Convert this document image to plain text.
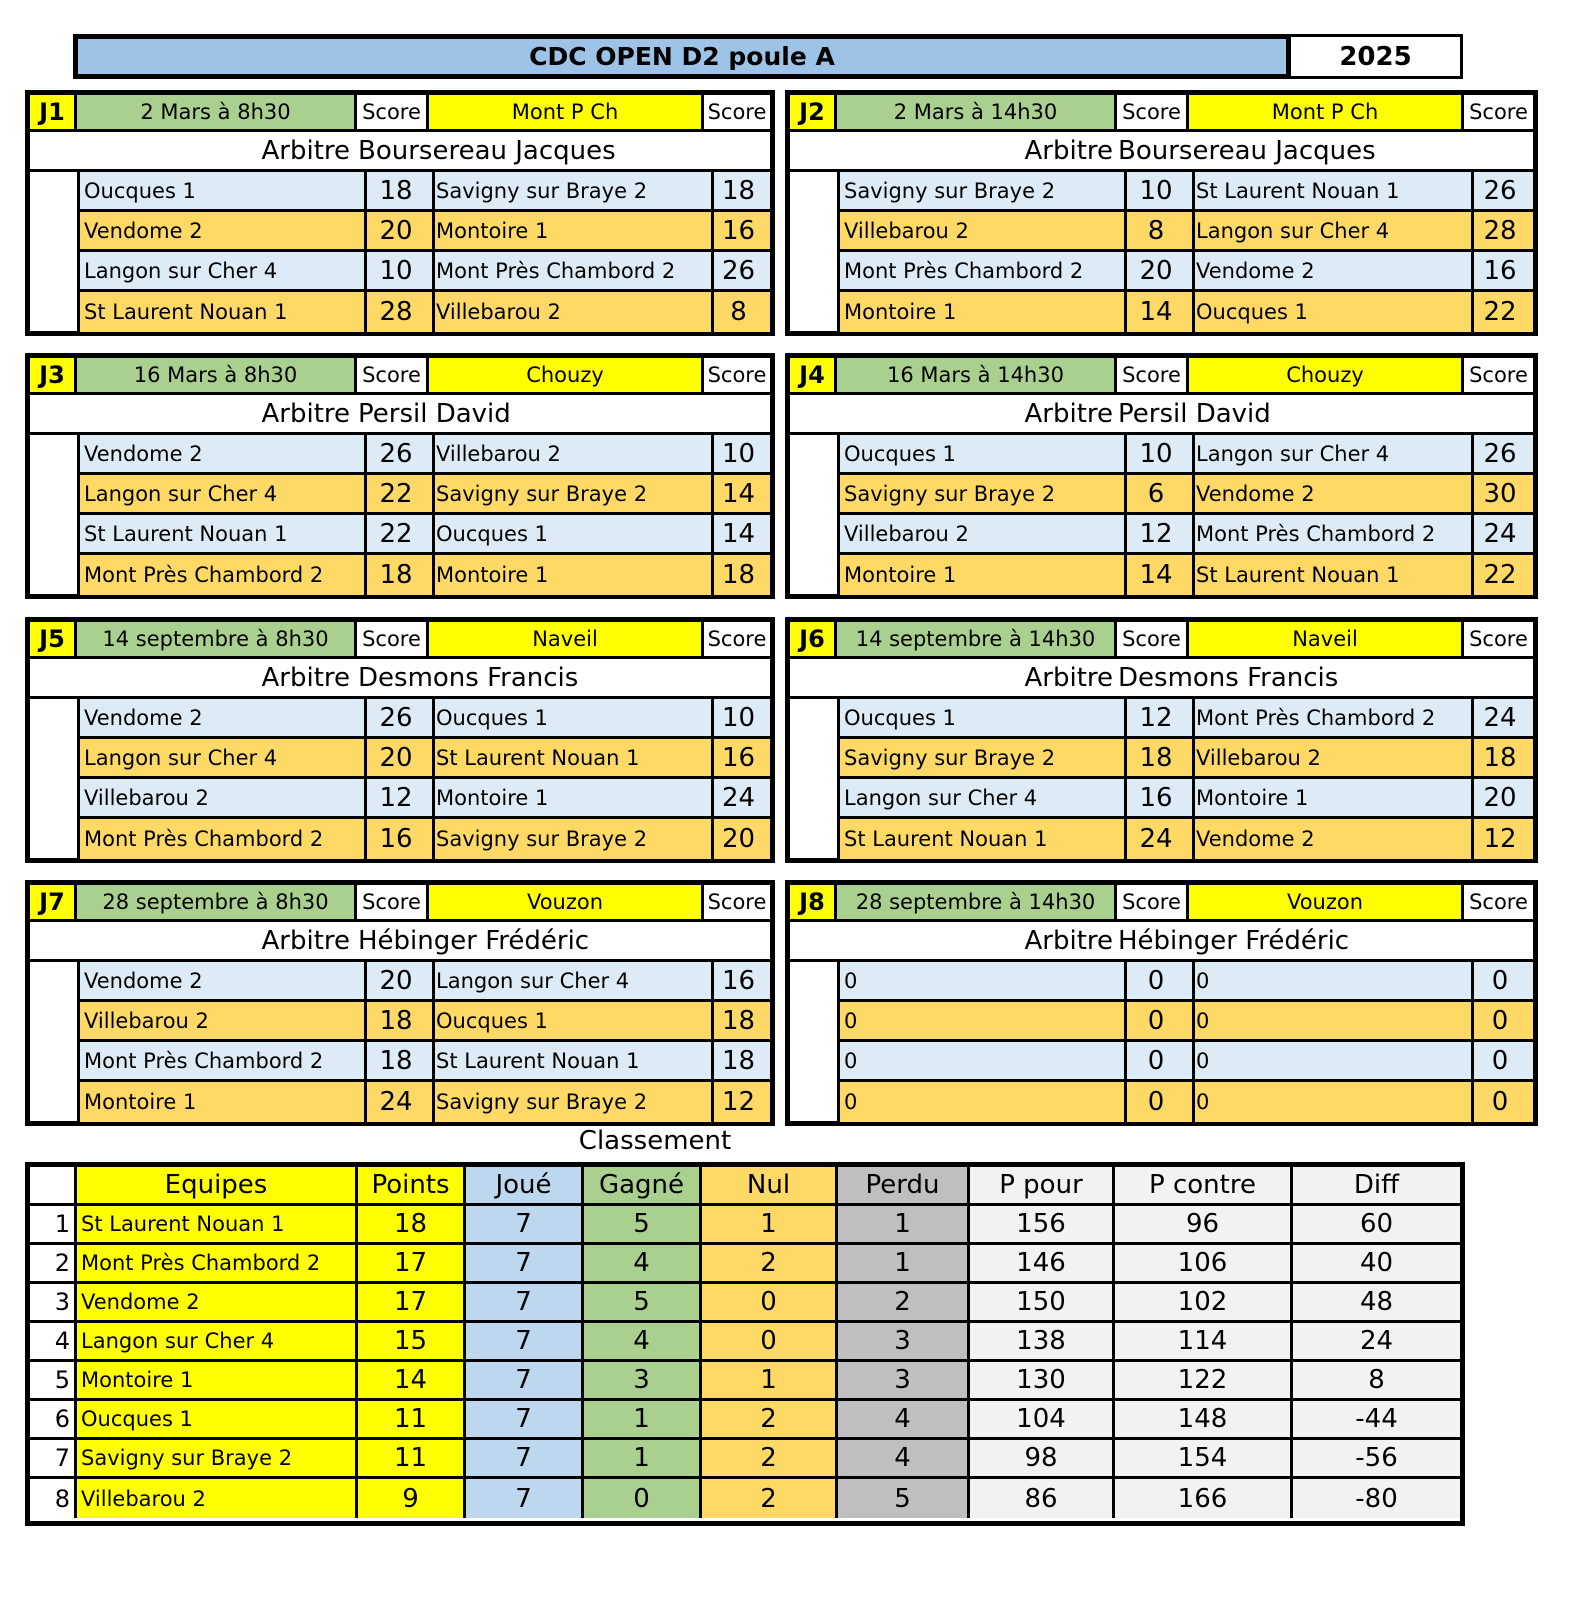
CDC OPEN D2 poule A	2025
J1	2 Mars à 8h30	Score	Mont P Ch	Score
Arbitre Boursereau Jacques
Oucques 1	18	Savigny sur Braye 2	18
Vendome 2	20	Montoire 1	16
Langon sur Cher 4	10	Mont Près Chambord 2	26
St Laurent Nouan 1	28	Villebarou 2	8
J2	2 Mars à 14h30	Score	Mont P Ch	Score
Arbitre Boursereau Jacques
Savigny sur Braye 2	10	St Laurent Nouan 1	26
Villebarou 2	8	Langon sur Cher 4	28
Mont Près Chambord 2	20	Vendome 2	16
Montoire 1	14	Oucques 1	22
J3	16 Mars à 8h30	Score	Chouzy	Score
Arbitre Persil David
Vendome 2	26	Villebarou 2	10
Langon sur Cher 4	22	Savigny sur Braye 2	14
St Laurent Nouan 1	22	Oucques 1	14
Mont Près Chambord 2	18	Montoire 1	18
J4	16 Mars à 14h30	Score	Chouzy	Score
Arbitre Persil David
Oucques 1	10	Langon sur Cher 4	26
Savigny sur Braye 2	6	Vendome 2	30
Villebarou 2	12	Mont Près Chambord 2	24
Montoire 1	14	St Laurent Nouan 1	22
J5	14 septembre à 8h30	Score	Naveil	Score
Arbitre Desmons Francis
Vendome 2	26	Oucques 1	10
Langon sur Cher 4	20	St Laurent Nouan 1	16
Villebarou 2	12	Montoire 1	24
Mont Près Chambord 2	16	Savigny sur Braye 2	20
J6	14 septembre à 14h30	Score	Naveil	Score
Arbitre Desmons Francis
Oucques 1	12	Mont Près Chambord 2	24
Savigny sur Braye 2	18	Villebarou 2	18
Langon sur Cher 4	16	Montoire 1	20
St Laurent Nouan 1	24	Vendome 2	12
J7	28 septembre à 8h30	Score	Vouzon	Score
Arbitre Hébinger Frédéric
Vendome 2	20	Langon sur Cher 4	16
Villebarou 2	18	Oucques 1	18
Mont Près Chambord 2	18	St Laurent Nouan 1	18
Montoire 1	24	Savigny sur Braye 2	12
J8	28 septembre à 14h30	Score	Vouzon	Score
Arbitre Hébinger Frédéric
0	0	0	0
0	0	0	0
0	0	0	0
0	0	0	0
Classement
Equipes	Points	Joué	Gagné	Nul	Perdu	P pour	P contre	Diff
1 St Laurent Nouan 1	18	7	5	1	1	156	96	60
2 Mont Près Chambord 2	17	7	4	2	1	146	106	40
3 Vendome 2	17	7	5	0	2	150	102	48
4 Langon sur Cher 4	15	7	4	0	3	138	114	24
5 Montoire 1	14	7	3	1	3	130	122	8
6 Oucques 1	11	7	1	2	4	104	148	-44
7 Savigny sur Braye 2	11	7	1	2	4	98	154	-56
8 Villebarou 2	9	7	0	2	5	86	166	-80
